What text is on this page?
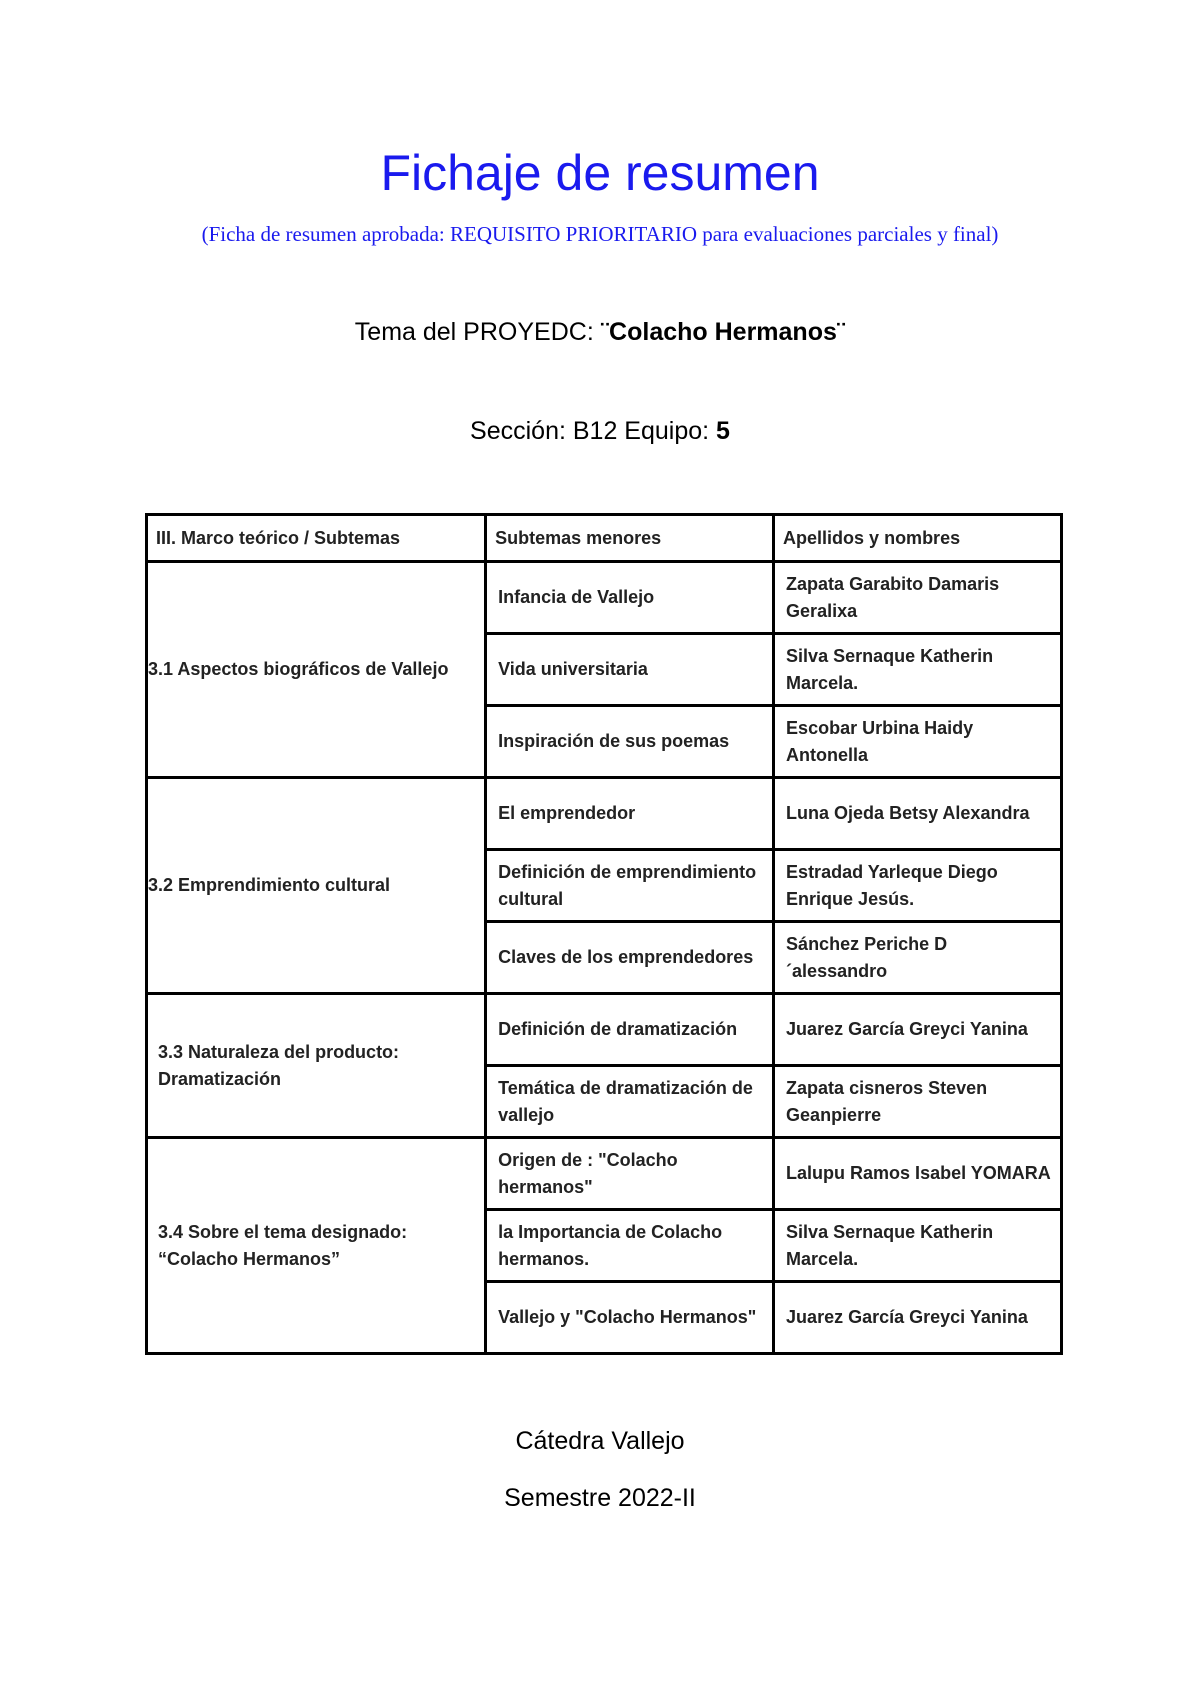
Fichaje de resumen
(Ficha de resumen aprobada: REQUISITO PRIORITARIO para evaluaciones parciales y final)
Tema del PROYEDC: ¨Colacho Hermanos¨
Sección: B12 Equipo: 5
III. Marco teórico / Subtemas	Subtemas menores	Apellidos y nombres
3.1 Aspectos biográficos de Vallejo	Infancia de Vallejo	Zapata Garabito Damaris Geralixa
	Vida universitaria	Silva Sernaque Katherin Marcela.
	Inspiración de sus poemas	Escobar Urbina Haidy Antonella
3.2 Emprendimiento cultural	El emprendedor	Luna Ojeda Betsy Alexandra
	Definición de emprendimiento cultural	Estradad Yarleque Diego Enrique Jesús.
	Claves de los emprendedores	Sánchez Periche D ´alessandro
3.3 Naturaleza del producto: Dramatización	Definición de dramatización	Juarez García Greyci Yanina
	Temática de dramatización de vallejo	Zapata cisneros Steven Geanpierre
3.4 Sobre el tema designado: “Colacho Hermanos”	Origen de : "Colacho hermanos"	Lalupu Ramos Isabel YOMARA
	la Importancia de Colacho hermanos.	Silva Sernaque Katherin Marcela.
	Vallejo y "Colacho Hermanos"	Juarez García Greyci Yanina
Cátedra Vallejo
Semestre 2022-II
